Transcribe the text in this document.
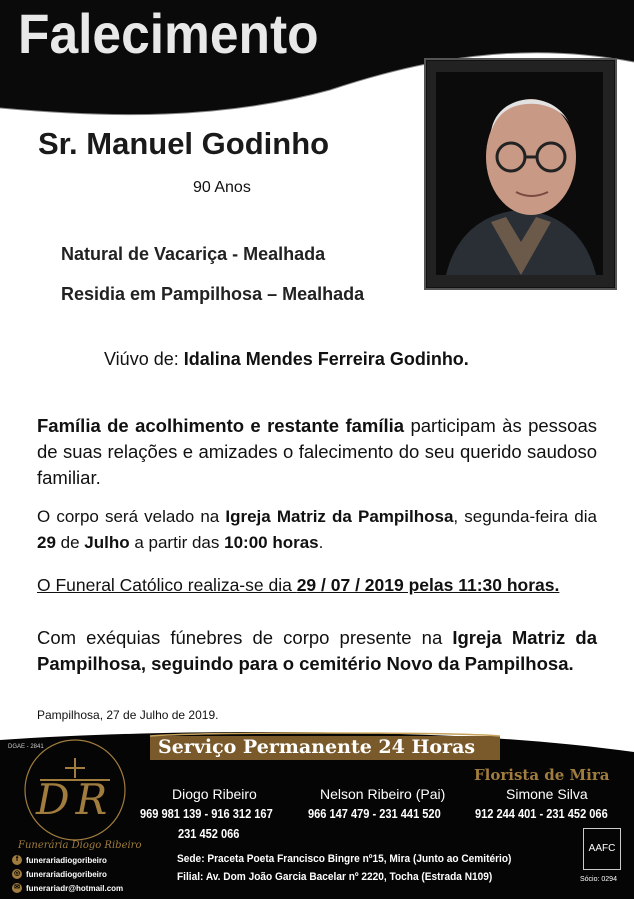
Falecimento
Sr. Manuel Godinho
90 Anos
Natural de Vacariça - Mealhada
Residia em Pampilhosa – Mealhada
Viúvo de: Idalina Mendes Ferreira Godinho.
Família de acolhimento e restante família participam às pessoas de suas relações e amizades o falecimento do seu querido saudoso familiar.
O corpo será velado na Igreja Matriz da Pampilhosa, segunda-feira dia 29 de Julho a partir das 10:00 horas.
O Funeral Católico realiza-se dia 29 / 07 / 2019 pelas 11:30 horas.
Com exéquias fúnebres de corpo presente na Igreja Matriz da Pampilhosa, seguindo para o cemitério Novo da Pampilhosa.
Pampilhosa, 27 de Julho de 2019.
DGAE - 2841	Serviço Permanente 24 Horas
DR
Funerária Diogo Ribeiro
f funerariadiogoribeiro
◎ funerariadiogoribeiro
✉ funerariadr@hotmail.com
Diogo Ribeiro
969 981 139 - 916 312 167
231 452 066
Nelson Ribeiro (Pai)
966 147 479 - 231 441 520
Florista de Mira
Simone Silva
912 244 401 - 231 452 066
Sede: Praceta Poeta Francisco Bingre nº15, Mira (Junto ao Cemitério)
Filial: Av. Dom João Garcia Bacelar nº 2220, Tocha (Estrada N109)
AAFC
Sócio: 0294
